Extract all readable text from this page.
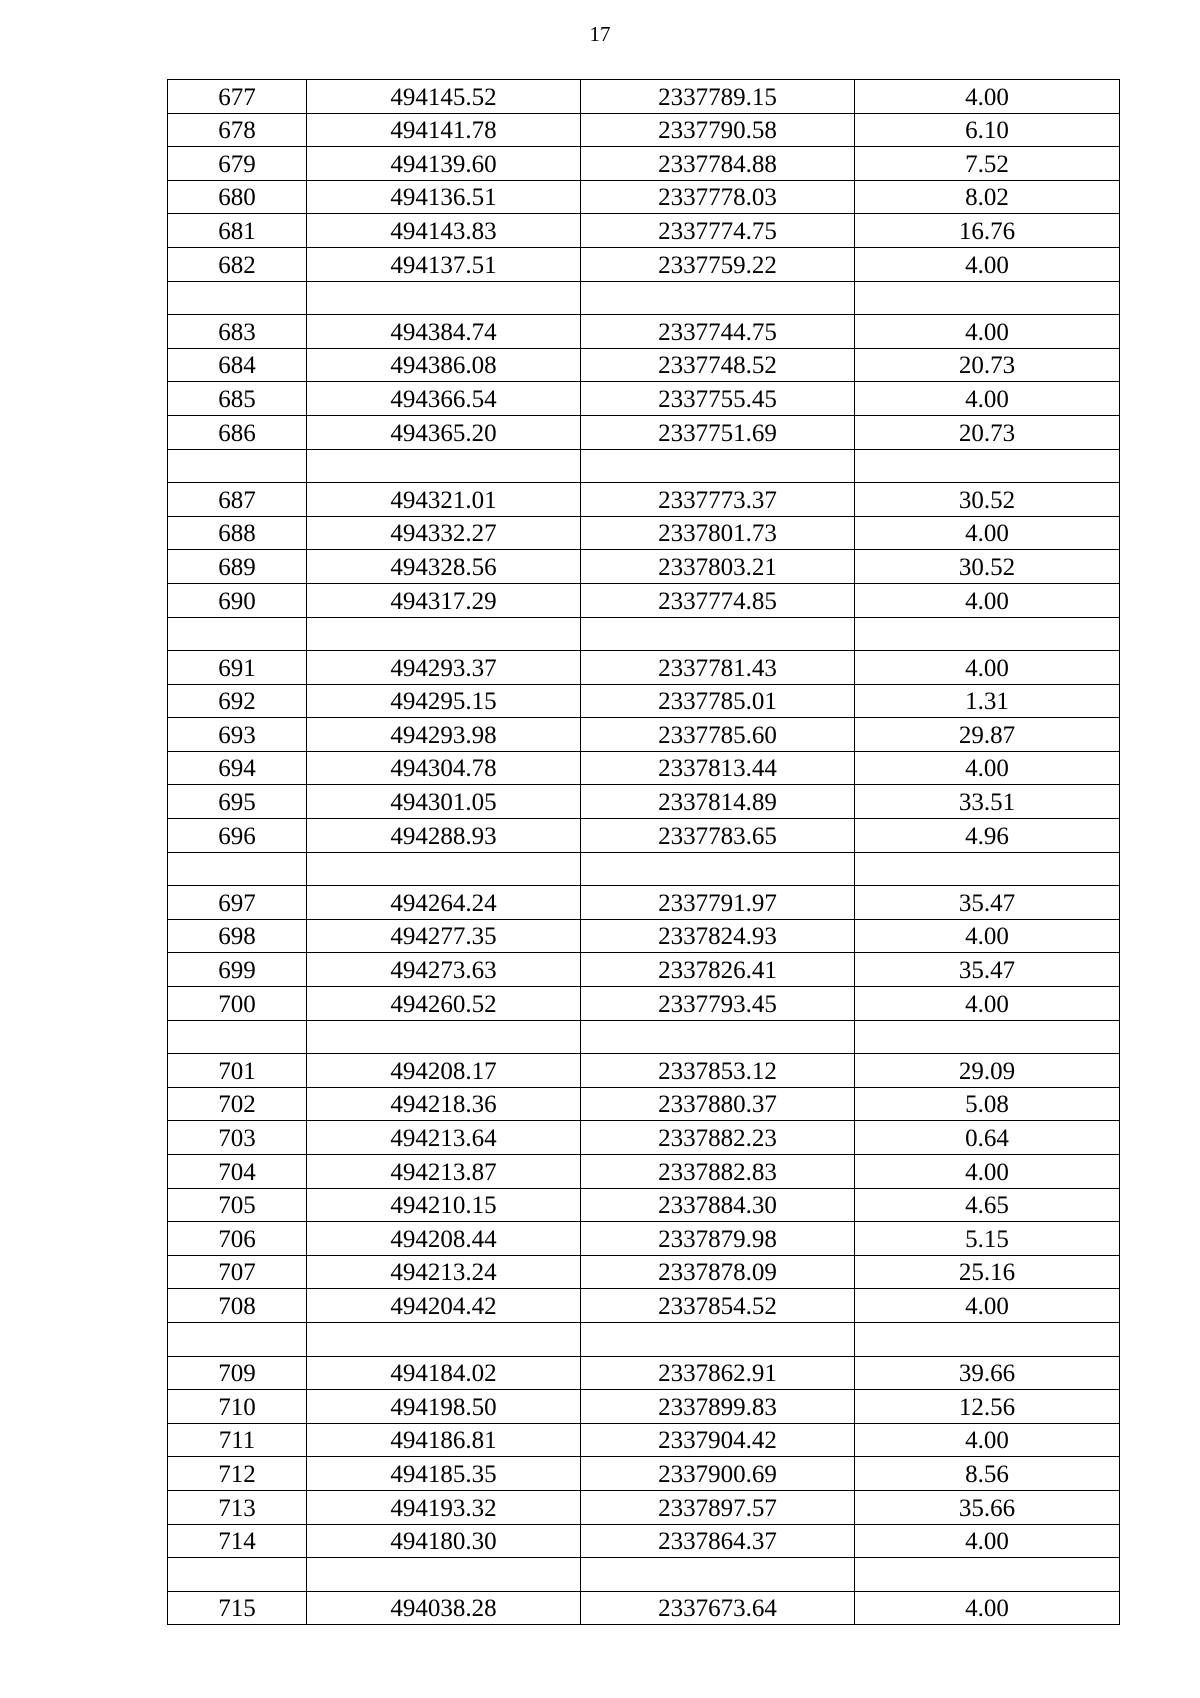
17
677	494145.52	2337789.15	4.00
678	494141.78	2337790.58	6.10
679	494139.60	2337784.88	7.52
680	494136.51	2337778.03	8.02
681	494143.83	2337774.75	16.76
682	494137.51	2337759.22	4.00

683	494384.74	2337744.75	4.00
684	494386.08	2337748.52	20.73
685	494366.54	2337755.45	4.00
686	494365.20	2337751.69	20.73

687	494321.01	2337773.37	30.52
688	494332.27	2337801.73	4.00
689	494328.56	2337803.21	30.52
690	494317.29	2337774.85	4.00

691	494293.37	2337781.43	4.00
692	494295.15	2337785.01	1.31
693	494293.98	2337785.60	29.87
694	494304.78	2337813.44	4.00
695	494301.05	2337814.89	33.51
696	494288.93	2337783.65	4.96

697	494264.24	2337791.97	35.47
698	494277.35	2337824.93	4.00
699	494273.63	2337826.41	35.47
700	494260.52	2337793.45	4.00

701	494208.17	2337853.12	29.09
702	494218.36	2337880.37	5.08
703	494213.64	2337882.23	0.64
704	494213.87	2337882.83	4.00
705	494210.15	2337884.30	4.65
706	494208.44	2337879.98	5.15
707	494213.24	2337878.09	25.16
708	494204.42	2337854.52	4.00

709	494184.02	2337862.91	39.66
710	494198.50	2337899.83	12.56
711	494186.81	2337904.42	4.00
712	494185.35	2337900.69	8.56
713	494193.32	2337897.57	35.66
714	494180.30	2337864.37	4.00

715	494038.28	2337673.64	4.00
